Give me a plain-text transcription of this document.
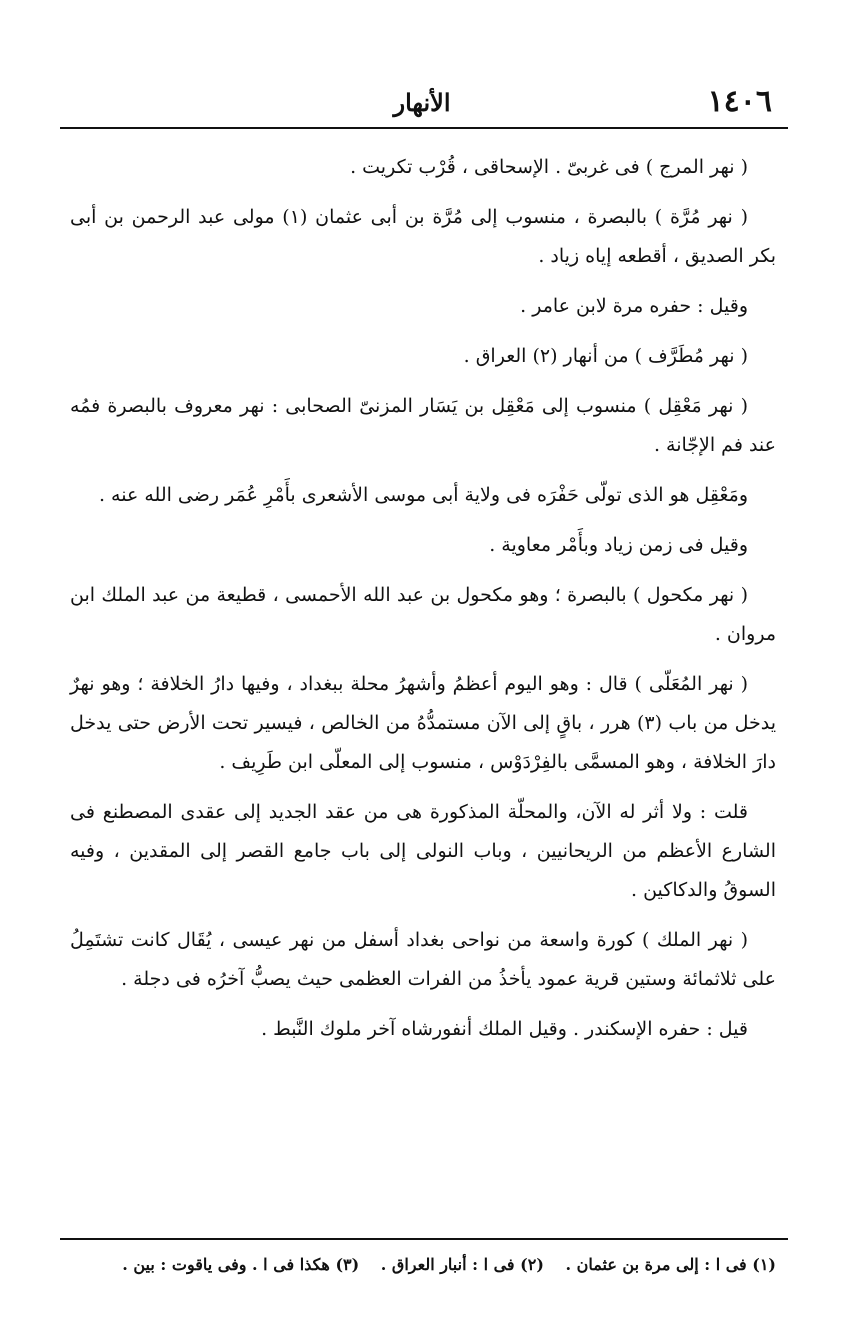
١٤٠٦
الأنهار

( نهر المرج ) فى غربىّ . الإسحاقى ، قُرْب تكريت .

( نهر مُرَّة ) بالبصرة ، منسوب إلى مُرَّة بن أبى عثمان (١) مولى عبد الرحمن بن أبى بكر الصديق ، أقطعه إياه زياد .

وقيل : حفره مرة لابن عامر .

( نهر مُطَرَّف ) من أنهار (٢) العراق .

( نهر مَعْقِل ) منسوب إلى مَعْقِل بن يَسَار المزنىّ الصحابى : نهر معروف بالبصرة فمُه عند فم الإجّانة .

ومَعْقِل هو الذى تولّى حَفْرَه فى ولاية أبى موسى الأشعرى بأَمْرِ عُمَر رضى الله عنه .

وقيل فى زمن زياد وبأَمْر معاوية .

( نهر مكحول ) بالبصرة ؛ وهو مكحول بن عبد الله الأحمسى ، قطيعة من عبد الملك ابن مروان .

( نهر المُعَلّى ) قال : وهو اليوم أعظمُ وأشهرُ محلة ببغداد ، وفيها دارُ الخلافة ؛ وهو نهرٌ يدخل من باب (٣) هرر ، باقٍ إلى الآن مستمدُّهُ من الخالص ، فيسير تحت الأرض حتى يدخل دارَ الخلافة ، وهو المسمَّى بالفِرْدَوْس ، منسوب إلى المعلّى ابن طَرِيف .

قلت : ولا أثر له الآن، والمحلّة المذكورة هى من عقد الجديد إلى عقدى المصطنع فى الشارع الأعظم من الريحانيين ، وباب النولى إلى باب جامع القصر إلى المقدين ، وفيه السوقُ والدكاكين .

( نهر الملك ) كورة واسعة من نواحى بغداد أسفل من نهر عيسى ، يُقَال كانت تشتَمِلُ على ثلاثمائة وستين قرية عمود يأخذُ من الفرات العظمى حيث يصبُّ آخرُه فى دجلة .

قيل : حفره الإسكندر . وقيل الملك أنفورشاه آخر ملوك النَّبط .

(١) فى ا : إلى مرة بن عثمان . (٢) فى ا : أنبار العراق . (٣) هكذا فى ا . وفى ياقوت : بين .
